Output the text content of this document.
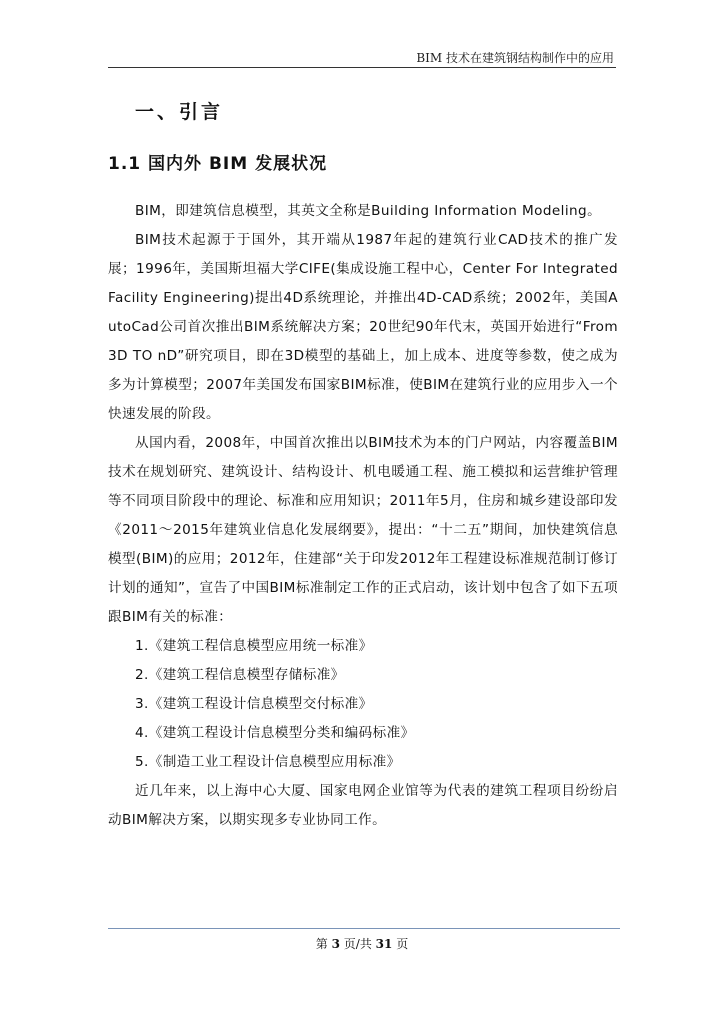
BIM 技术在建筑钢结构制作中的应用
一、引言
1.1 国内外 BIM 发展状况

BIM，即建筑信息模型，其英文全称是Building Information Modeling。

BIM技术起源于于国外，其开端从1987年起的建筑行业CAD技术的推广发展；1996年，美国斯坦福大学CIFE(集成设施工程中心，Center For Integrated Facility Engineering)提出4D系统理论，并推出4D-CAD系统；2002年，美国AutoCad公司首次推出BIM系统解决方案；20世纪90年代末，英国开始进行“From 3D TO nD”研究项目，即在3D模型的基础上，加上成本、进度等参数，使之成为多为计算模型；2007年美国发布国家BIM标准，使BIM在建筑行业的应用步入一个快速发展的阶段。

从国内看，2008年，中国首次推出以BIM技术为本的门户网站，内容覆盖BIM技术在规划研究、建筑设计、结构设计、机电暖通工程、施工模拟和运营维护管理等不同项目阶段中的理论、标准和应用知识；2011年5月，住房和城乡建设部印发《2011～2015年建筑业信息化发展纲要》，提出：“十二五”期间，加快建筑信息模型(BIM)的应用；2012年，住建部“关于印发2012年工程建设标准规范制订修订计划的通知”，宣告了中国BIM标准制定工作的正式启动，该计划中包含了如下五项跟BIM有关的标准：

1.《建筑工程信息模型应用统一标准》
2.《建筑工程信息模型存储标准》
3.《建筑工程设计信息模型交付标准》
4.《建筑工程设计信息模型分类和编码标准》
5.《制造工业工程设计信息模型应用标准》

近几年来，以上海中心大厦、国家电网企业馆等为代表的建筑工程项目纷纷启动BIM解决方案，以期实现多专业协同工作。

第 3 页/共 31 页
